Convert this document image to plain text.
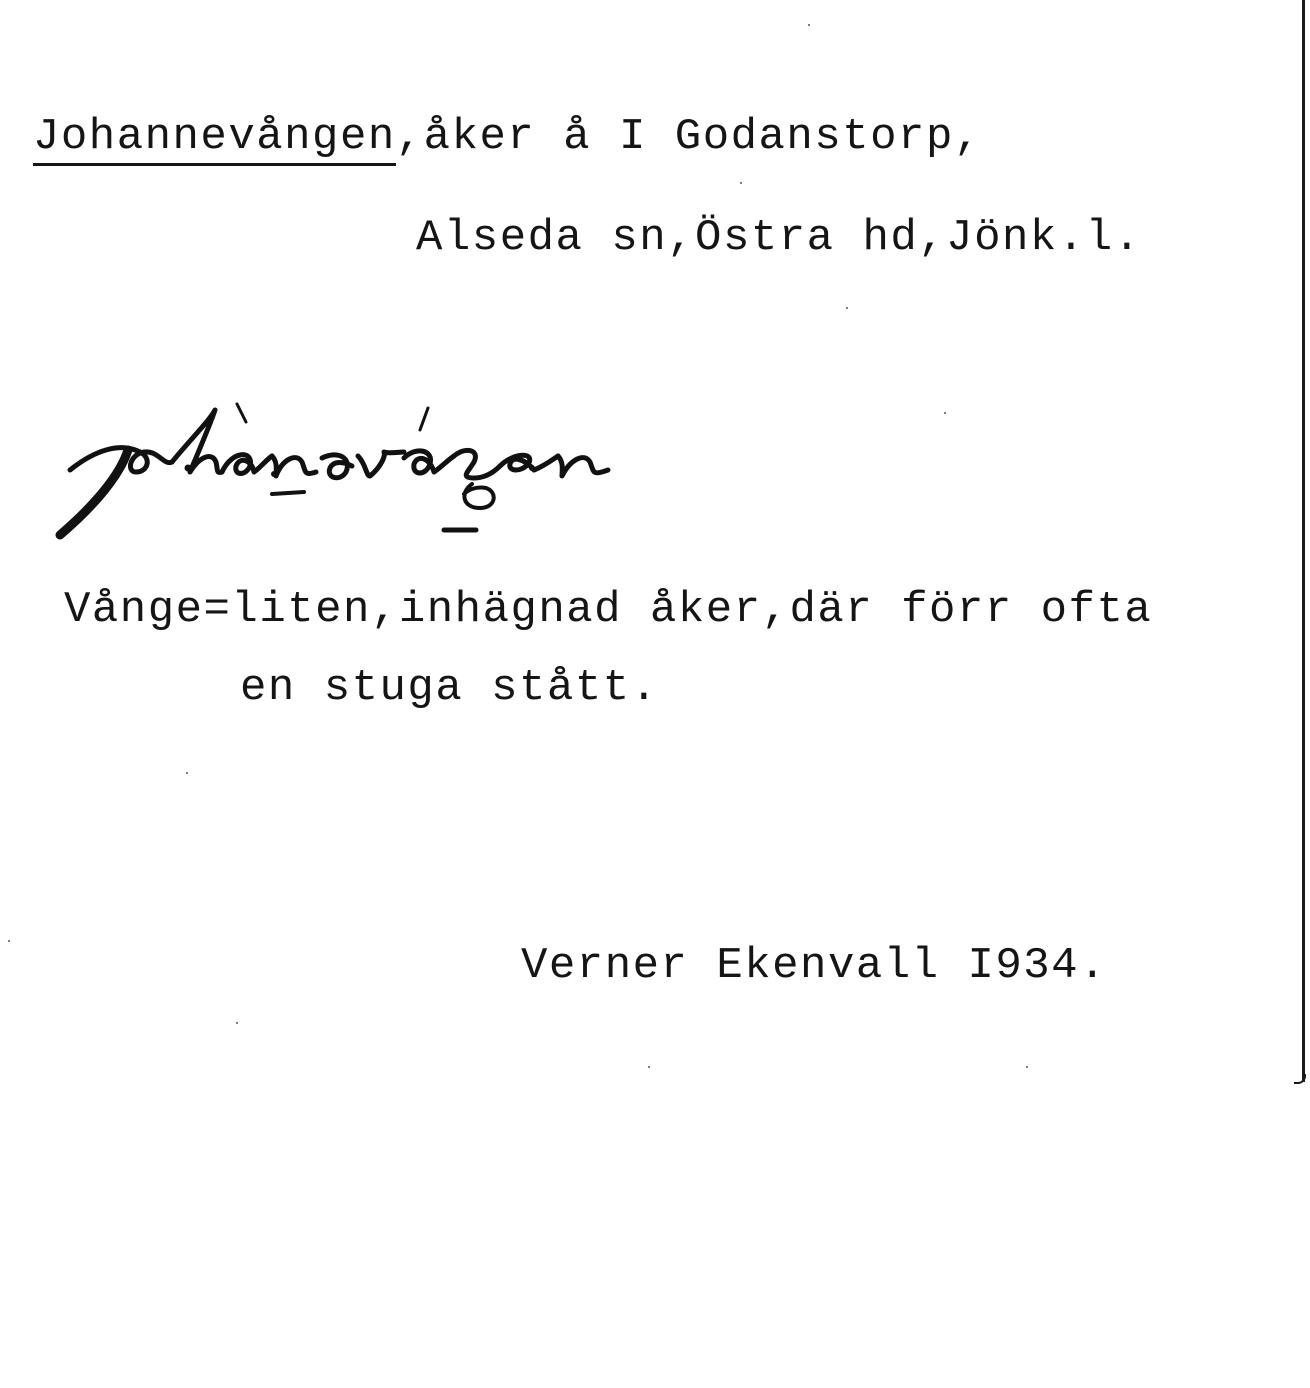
Johannevången,åker å I Godanstorp,
Alseda sn,Östra hd,Jönk.l.
Vånge=liten,inhägnad åker,där förr ofta
en stuga stått.
Verner Ekenvall I934.
